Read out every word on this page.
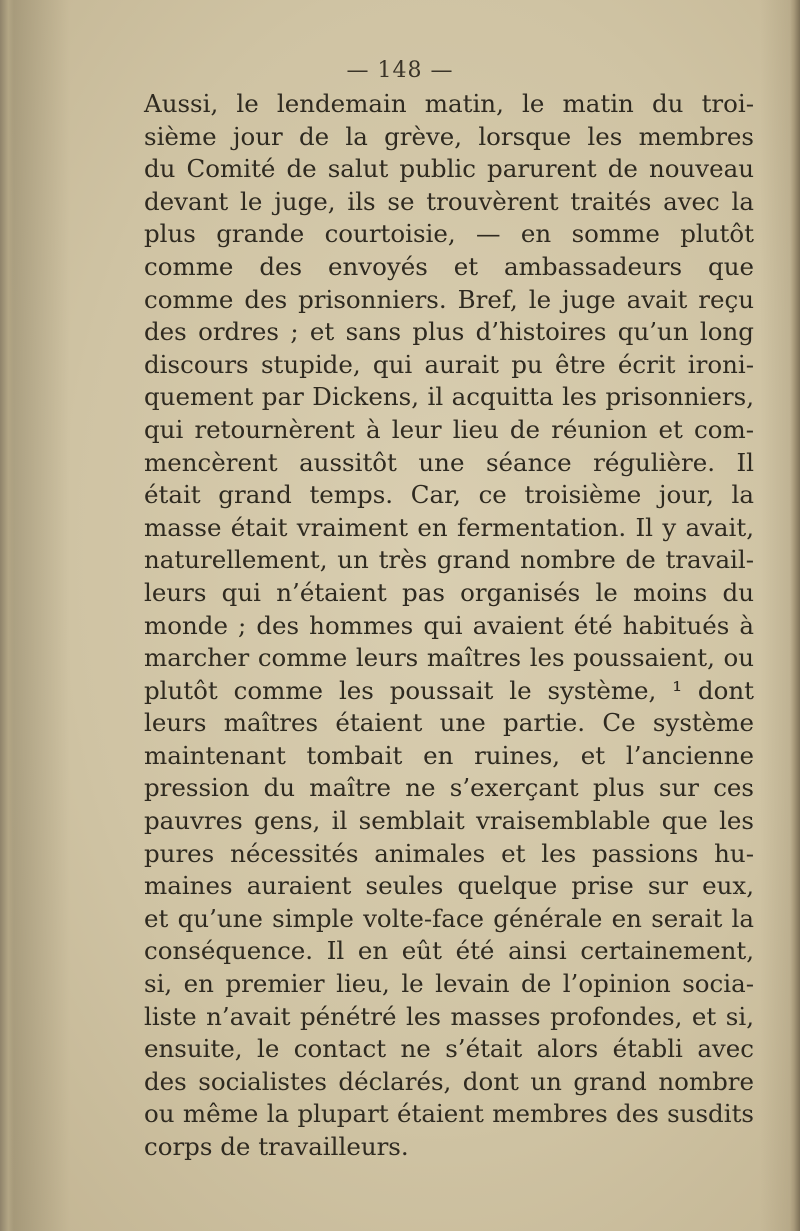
— 148 —
Aussi, le lendemain matin, le matin du troi-
sième jour de la grève, lorsque les membres
du Comité de salut public parurent de nouveau
devant le juge, ils se trouvèrent traités avec la
plus grande courtoisie, — en somme plutôt
comme des envoyés et ambassadeurs que
comme des prisonniers. Bref, le juge avait reçu
des ordres ; et sans plus d’histoires qu’un long
discours stupide, qui aurait pu être écrit ironi-
quement par Dickens, il acquitta les prisonniers,
qui retournèrent à leur lieu de réunion et com-
mencèrent aussitôt une séance régulière. Il
était grand temps. Car, ce troisième jour, la
masse était vraiment en fermentation. Il y avait,
naturellement, un très grand nombre de travail-
leurs qui n’étaient pas organisés le moins du
monde ; des hommes qui avaient été habitués à
marcher comme leurs maîtres les poussaient, ou
plutôt comme les poussait le système, ¹ dont
leurs maîtres étaient une partie. Ce système
maintenant tombait en ruines, et l’ancienne
pression du maître ne s’exerçant plus sur ces
pauvres gens, il semblait vraisemblable que les
pures nécessités animales et les passions hu-
maines auraient seules quelque prise sur eux,
et qu’une simple volte-face générale en serait la
conséquence. Il en eût été ainsi certainement,
si, en premier lieu, le levain de l’opinion socia-
liste n’avait pénétré les masses profondes, et si,
ensuite, le contact ne s’était alors établi avec
des socialistes déclarés, dont un grand nombre
ou même la plupart étaient membres des susdits
corps de travailleurs.
